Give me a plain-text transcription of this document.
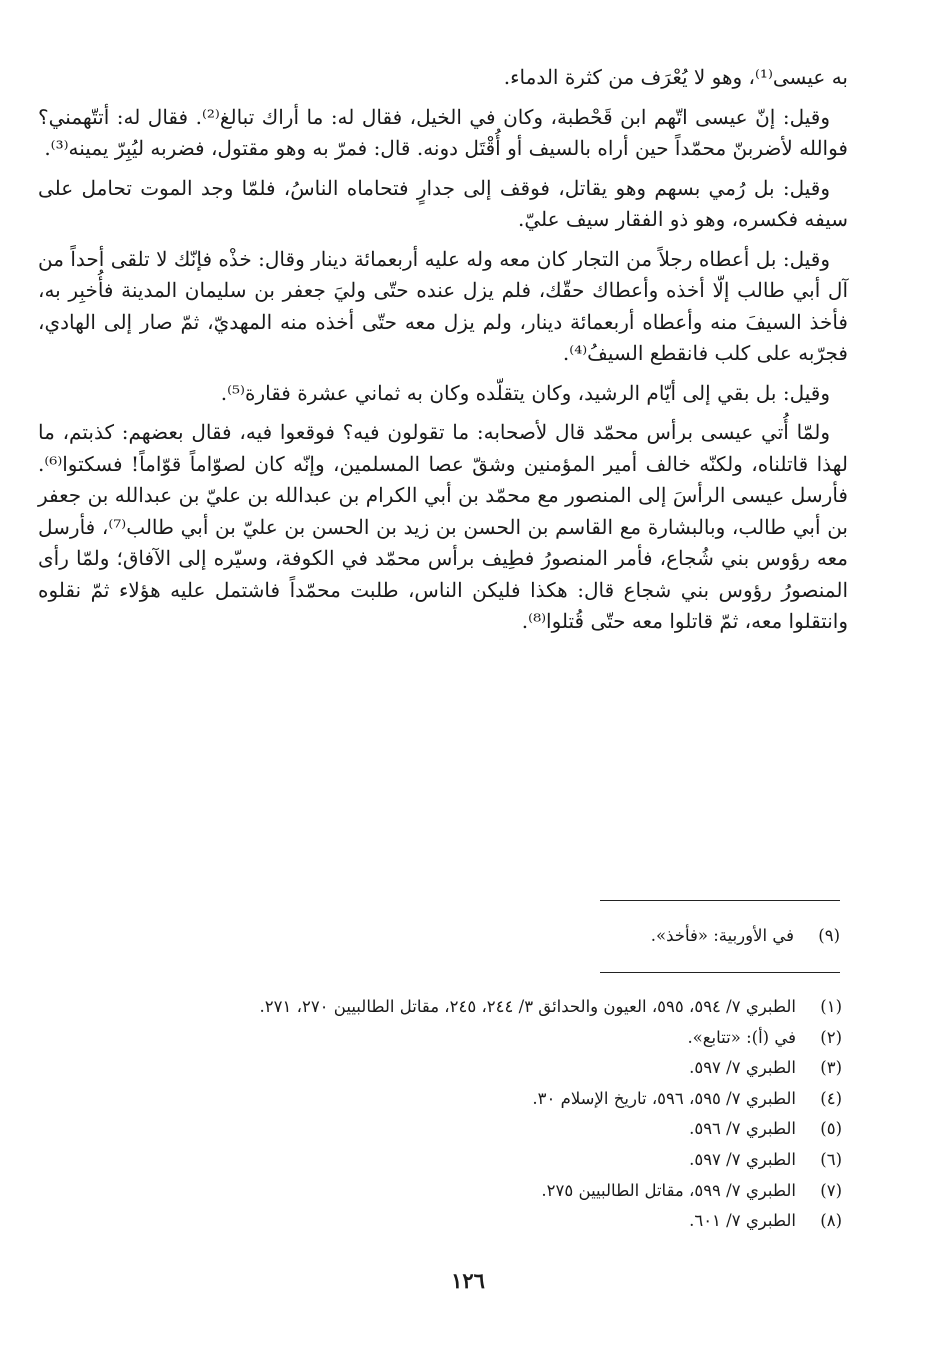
به عيسى⁽¹⁾، وهو لا يُعْرَف من كثرة الدماء.

وقيل: إنّ عيسى اتّهم ابن قَحْطبة، وكان في الخيل، فقال له: ما أراك تبالغ⁽²⁾. فقال له: أتتّهمني؟ فوالله لأضربنّ محمّداً حين أراه بالسيف أو أُقْتَل دونه. قال: فمرّ به وهو مقتول، فضربه ليُبِرّ يمينه⁽³⁾.

وقيل: بل رُمي بسهم وهو يقاتل، فوقف إلى جدارٍ فتحاماه الناسُ، فلمّا وجد الموت تحامل على سيفه فكسره، وهو ذو الفقار سيف عليّ.

وقيل: بل أعطاه رجلاً من التجار كان معه وله عليه أربعمائة دينار وقال: خذْه فإنّك لا تلقى أحداً من آل أبي طالب إلّا أخذه وأعطاك حقّك، فلم يزل عنده حتّى وليَ جعفر بن سليمان المدينة فأُخبِر به، فأخذ السيفَ منه وأعطاه أربعمائة دينار، ولم يزل معه حتّى أخذه منه المهديّ، ثمّ صار إلى الهادي، فجرّبه على كلب فانقطع السيفُ⁽⁴⁾.

وقيل: بل بقي إلى أيّام الرشيد، وكان يتقلّده وكان به ثماني عشرة فقارة⁽⁵⁾.

ولمّا أُتي عيسى برأس محمّد قال لأصحابه: ما تقولون فيه؟ فوقعوا فيه، فقال بعضهم: كذبتم، ما لهذا قاتلناه، ولكنّه خالف أمير المؤمنين وشقّ عصا المسلمين، وإنّه كان لصوّاماً قوّاماً! فسكتوا⁽⁶⁾. فأرسل عيسى الرأسَ إلى المنصور مع محمّد بن أبي الكرام بن عبدالله بن عليّ بن عبدالله بن جعفر بن أبي طالب، وبالبشارة مع القاسم بن الحسن بن زيد بن الحسن بن عليّ بن أبي طالب⁽⁷⁾، فأرسل معه رؤوس بني شُجاع، فأمر المنصورُ فطِيف برأس محمّد في الكوفة، وسيّره إلى الآفاق؛ ولمّا رأى المنصورُ رؤوس بني شجاع قال: هكذا فليكن الناس، طلبت محمّداً فاشتمل عليه هؤلاء ثمّ نقلوه وانتقلوا معه، ثمّ قاتلوا معه حتّى قُتلوا⁽⁸⁾.

(٩)
في الأوربية: «فأخذ».
(١)
الطبري ٧/ ٥٩٤، ٥٩٥، العيون والحدائق ٣/ ٢٤٤، ٢٤٥، مقاتل الطالبيين ٢٧٠، ٢٧١.
(٢)
في (أ): «تتابع».
(٣)
الطبري ٧/ ٥٩٧.
(٤)
الطبري ٧/ ٥٩٥، ٥٩٦، تاريخ الإسلام ٣٠.
(٥)
الطبري ٧/ ٥٩٦.
(٦)
الطبري ٧/ ٥٩٧.
(٧)
الطبري ٧/ ٥٩٩، مقاتل الطالبيين ٢٧٥.
(٨)
الطبري ٧/ ٦٠١.
١٢٦
